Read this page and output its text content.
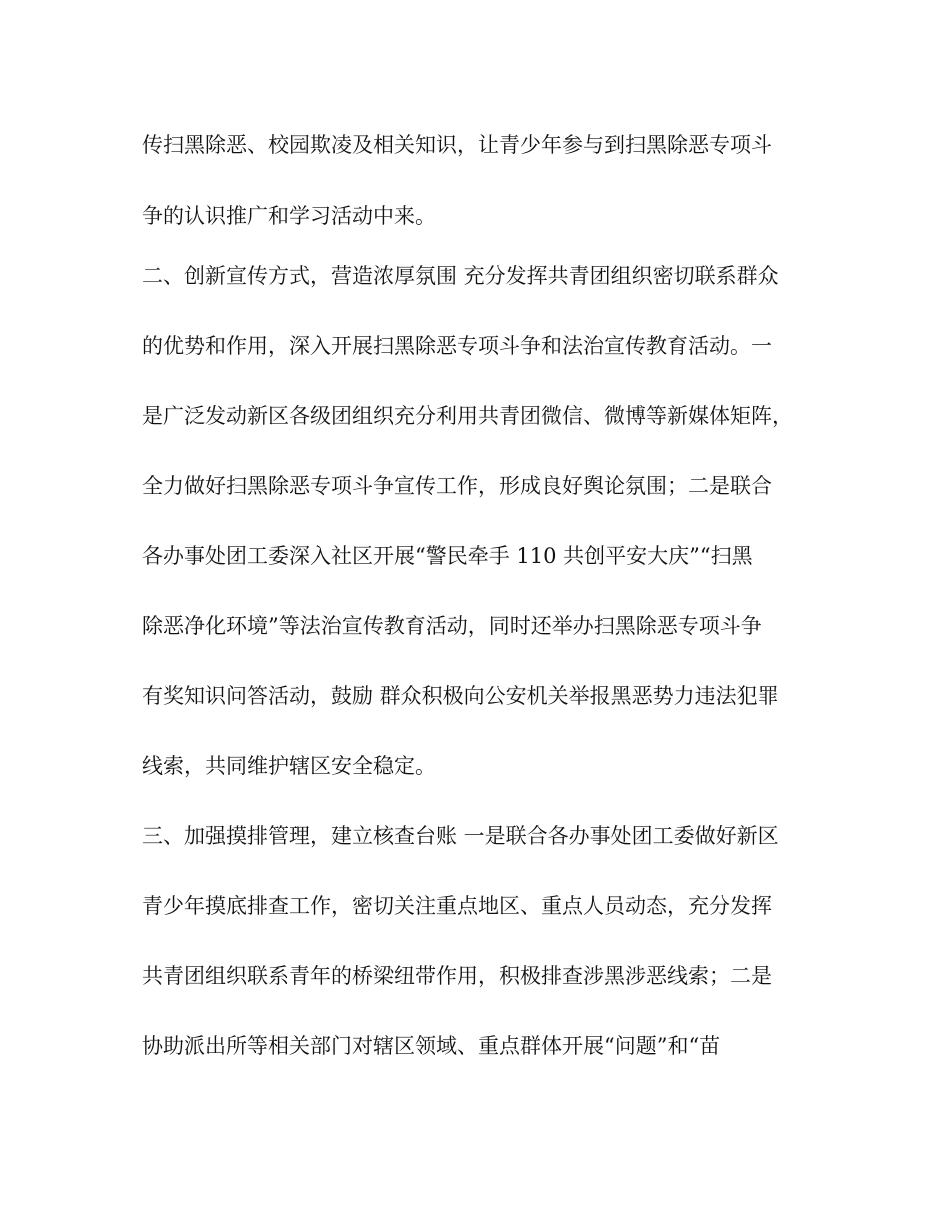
传扫黑除恶、校园欺凌及相关知识，让青少年参与到扫黑除恶专项斗
争的认识推广和学习活动中来。
二、创新宣传方式，营造浓厚氛围 充分发挥共青团组织密切联系群众
的优势和作用，深入开展扫黑除恶专项斗争和法治宣传教育活动。一
是广泛发动新区各级团组织充分利用共青团微信、微博等新媒体矩阵，
全力做好扫黑除恶专项斗争宣传工作，形成良好舆论氛围；二是联合
各办事处团工委深入社区开展“警民牵手 110 共创平安大庆”“扫黑
除恶净化环境”等法治宣传教育活动，同时还举办扫黑除恶专项斗争
有奖知识问答活动，鼓励 群众积极向公安机关举报黑恶势力违法犯罪
线索，共同维护辖区安全稳定。
三、加强摸排管理，建立核查台账 一是联合各办事处团工委做好新区
青少年摸底排查工作，密切关注重点地区、重点人员动态，充分发挥
共青团组织联系青年的桥梁纽带作用，积极排查涉黑涉恶线索；二是
协助派出所等相关部门对辖区领域、重点群体开展“问题”和“苗
